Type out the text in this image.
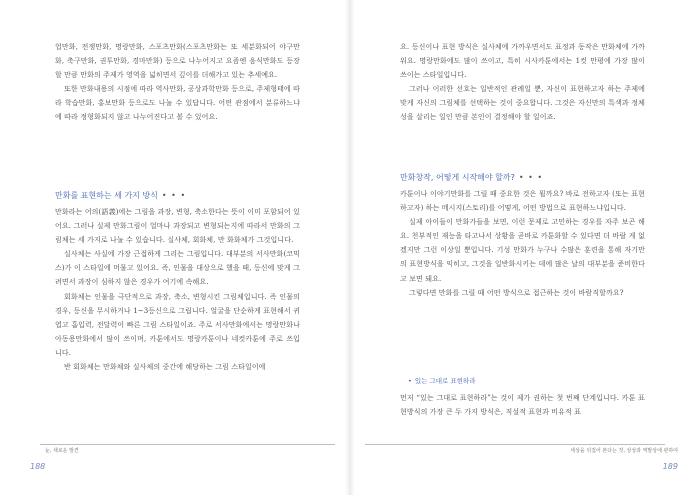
업만화, 전쟁만화, 명랑만화, 스포츠만화(스포츠만화는 또 세분화되어 야구만화, 축구만화, 권투만화, 경마만화) 등으로 나누어지고 요즘엔 음식만화도 등장할 만큼 만화의 주제가 영역을 넓히면서 깊이를 더해가고 있는 추세예요.

또한 만화내용의 시점에 따라 역사만화, 공상과학만화 등으로, 주제형태에 따라 학습만화, 홍보만화 등으로도 나눌 수 있답니다. 어떤 관점에서 분류하느냐에 따라 정형화되지 않고 나누어진다고 볼 수 있어요.

만화를 표현하는 세 가지 방식 • • •

만화라는 어의(語義)에는 그림을 과장, 변형, 축소한다는 뜻이 이미 포함되어 있어요. 그러나 실제 만화그림이 얼마나 과장되고 변형되는지에 따라서 만화의 그림체는 세 가지로 나눌 수 있습니다. 실사체, 회화체, 만 화화체가 그것입니다.

실사체는 사실에 가장 근접하게 그리는 그림입니다. 대부분의 서사만화(코믹스)가 이 스타일에 머물고 있어요. 즉, 인물을 대상으로 했을 때, 등신에 맞게 그려면서 과장이 심하지 않은 경우가 여기에 속해요.

회화체는 인물을 극단적으로 과장, 축소, 변형시킨 그림체입니다. 즉 인물의 경우, 등신을 무시하거나 1~3등신으로 그립니다. 얼굴을 단순하게 표현해서 귀엽고 흡입력, 전달력이 빠른 그림 스타일이죠. 주로 서사만화에서는 명랑만화나 아동용만화에서 많이 쓰이며, 카툰에서도 명랑카툰이나 네컷카툰에 주로 쓰입니다.

반 회화체는 만화체와 실사체의 중간에 해당하는 그림 스타일이에

눈, 새로운 발견
188

요. 등신이나 표현 방식은 실사체에 가까우면서도 표정과 동작은 만화체에 가까워요. 명랑만화에도 많이 쓰이고, 특히 시사카툰에서는 1컷 만평에 가장 많이 쓰이는 스타일입니다.

그러나 이러한 선호는 일반적인 관례일 뿐, 자신이 표현하고자 하는 주제에 맞게 자신의 그림체를 선택하는 것이 중요합니다. 그것은 자신만의 특색과 정체성을 살리는 일인 만큼 본인이 결정해야 할 일이죠.

만화창작, 어떻게 시작해야 할까? • • •

카툰이나 이야기만화를 그릴 때 중요한 것은 뭘까요? 바로 전하고자 (또는 표현하고자) 하는 메시지(스토리)를 어떻게, 어떤 방법으로 표현하느냐입니다.

실제 아이들이 만화가들을 보면, 이런 문제로 고민하는 경우를 자주 보곤 해요. 천부적인 재능을 타고나서 상황을 곧바로 카툰화할 수 있다면 더 바랄 게 없겠지만 그런 이상일 뿐입니다. 기성 만화가 누구나 수많은 훈련을 통해 자기만의 표현방식을 익히고, 그것을 일반화시키는 데에 많은 날의 대부분을 준비한다고 보면 돼요.

그렇다면 만화를 그릴 때 어떤 방식으로 접근하는 것이 바람직할까요?

• 있는 그대로 표현하라

먼저 “있는 그대로 표현하라”는 것이 제가 권하는 첫 번째 단계입니다. 카툰 표현방식의 가장 큰 두 가지 방식은, 직설적 표현과 비유적 표

세상을 뒤집어 본다는 것, 상상과 역발상에 관하여
189
